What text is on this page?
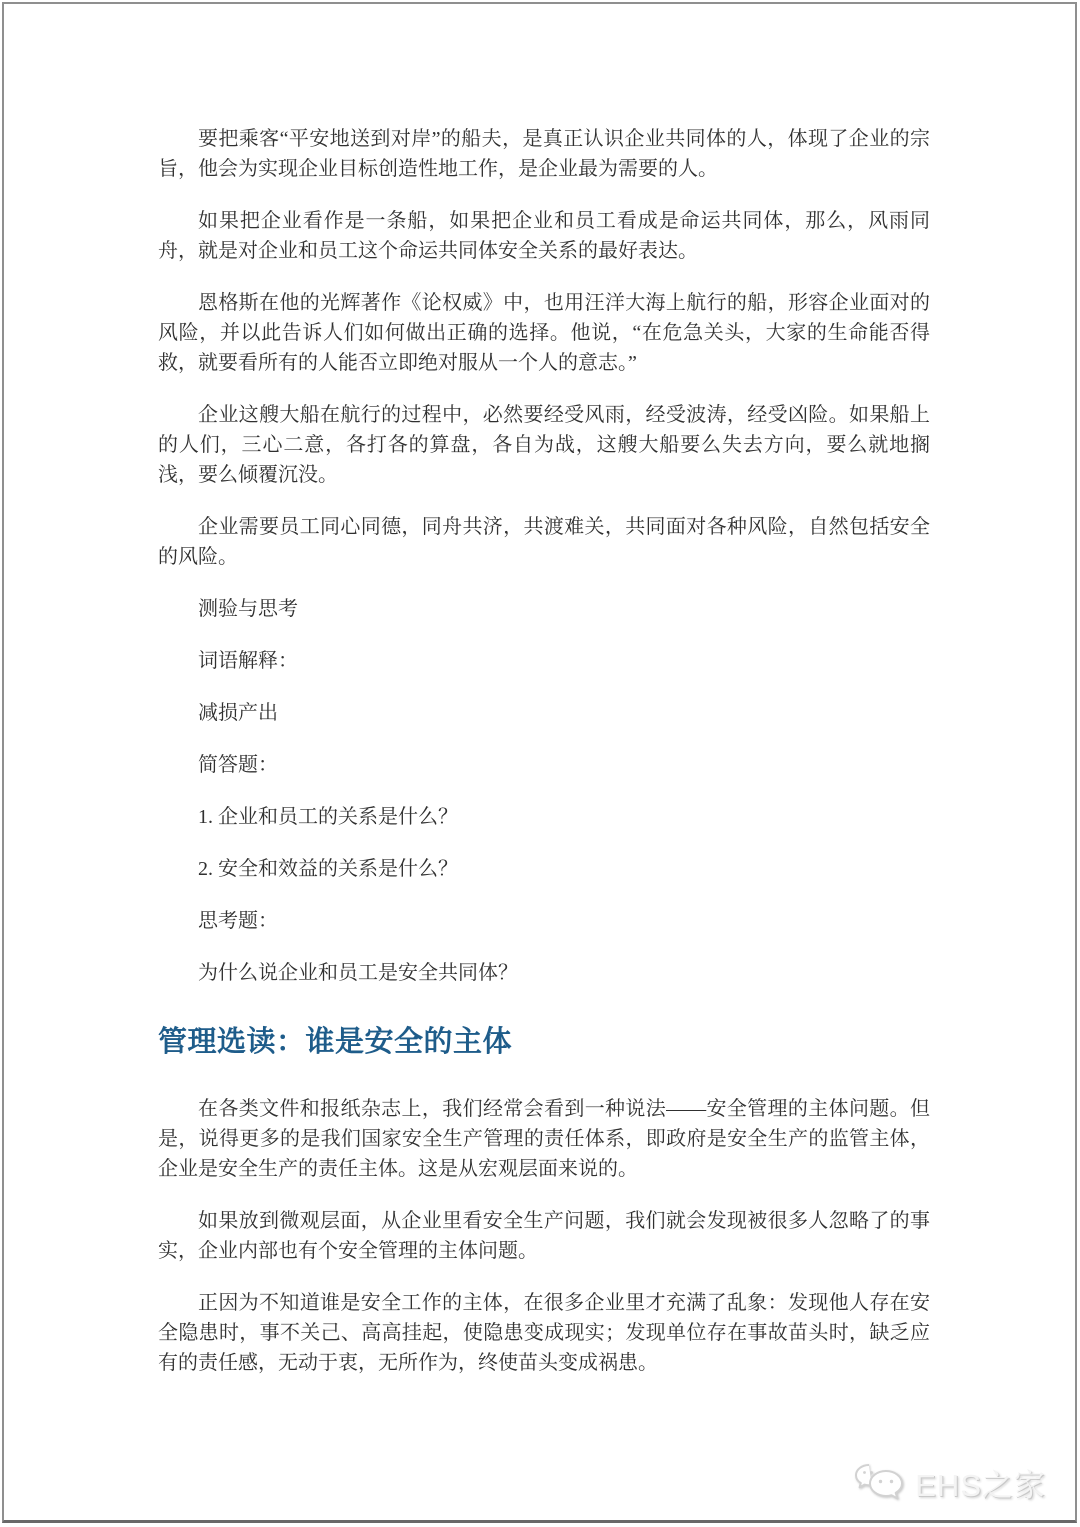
要把乘客“平安地送到对岸”的船夫，是真正认识企业共同体的人，体现了企业的宗旨，他会为实现企业目标创造性地工作，是企业最为需要的人。

如果把企业看作是一条船，如果把企业和员工看成是命运共同体，那么，风雨同舟，就是对企业和员工这个命运共同体安全关系的最好表达。

恩格斯在他的光辉著作《论权威》中，也用汪洋大海上航行的船，形容企业面对的风险，并以此告诉人们如何做出正确的选择。他说，“在危急关头，大家的生命能否得救，就要看所有的人能否立即绝对服从一个人的意志。”

企业这艘大船在航行的过程中，必然要经受风雨，经受波涛，经受凶险。如果船上的人们，三心二意，各打各的算盘，各自为战，这艘大船要么失去方向，要么就地搁浅，要么倾覆沉没。

企业需要员工同心同德，同舟共济，共渡难关，共同面对各种风险，自然包括安全的风险。

测验与思考

词语解释：

减损产出

简答题：

1. 企业和员工的关系是什么？

2. 安全和效益的关系是什么？

思考题：

为什么说企业和员工是安全共同体？

管理选读：谁是安全的主体

在各类文件和报纸杂志上，我们经常会看到一种说法——安全管理的主体问题。但是，说得更多的是我们国家安全生产管理的责任体系，即政府是安全生产的监管主体，企业是安全生产的责任主体。这是从宏观层面来说的。

如果放到微观层面，从企业里看安全生产问题，我们就会发现被很多人忽略了的事实，企业内部也有个安全管理的主体问题。

正因为不知道谁是安全工作的主体，在很多企业里才充满了乱象：发现他人存在安全隐患时，事不关己、高高挂起，使隐患变成现实；发现单位存在事故苗头时，缺乏应有的责任感，无动于衷，无所作为，终使苗头变成祸患。

EHS之家
